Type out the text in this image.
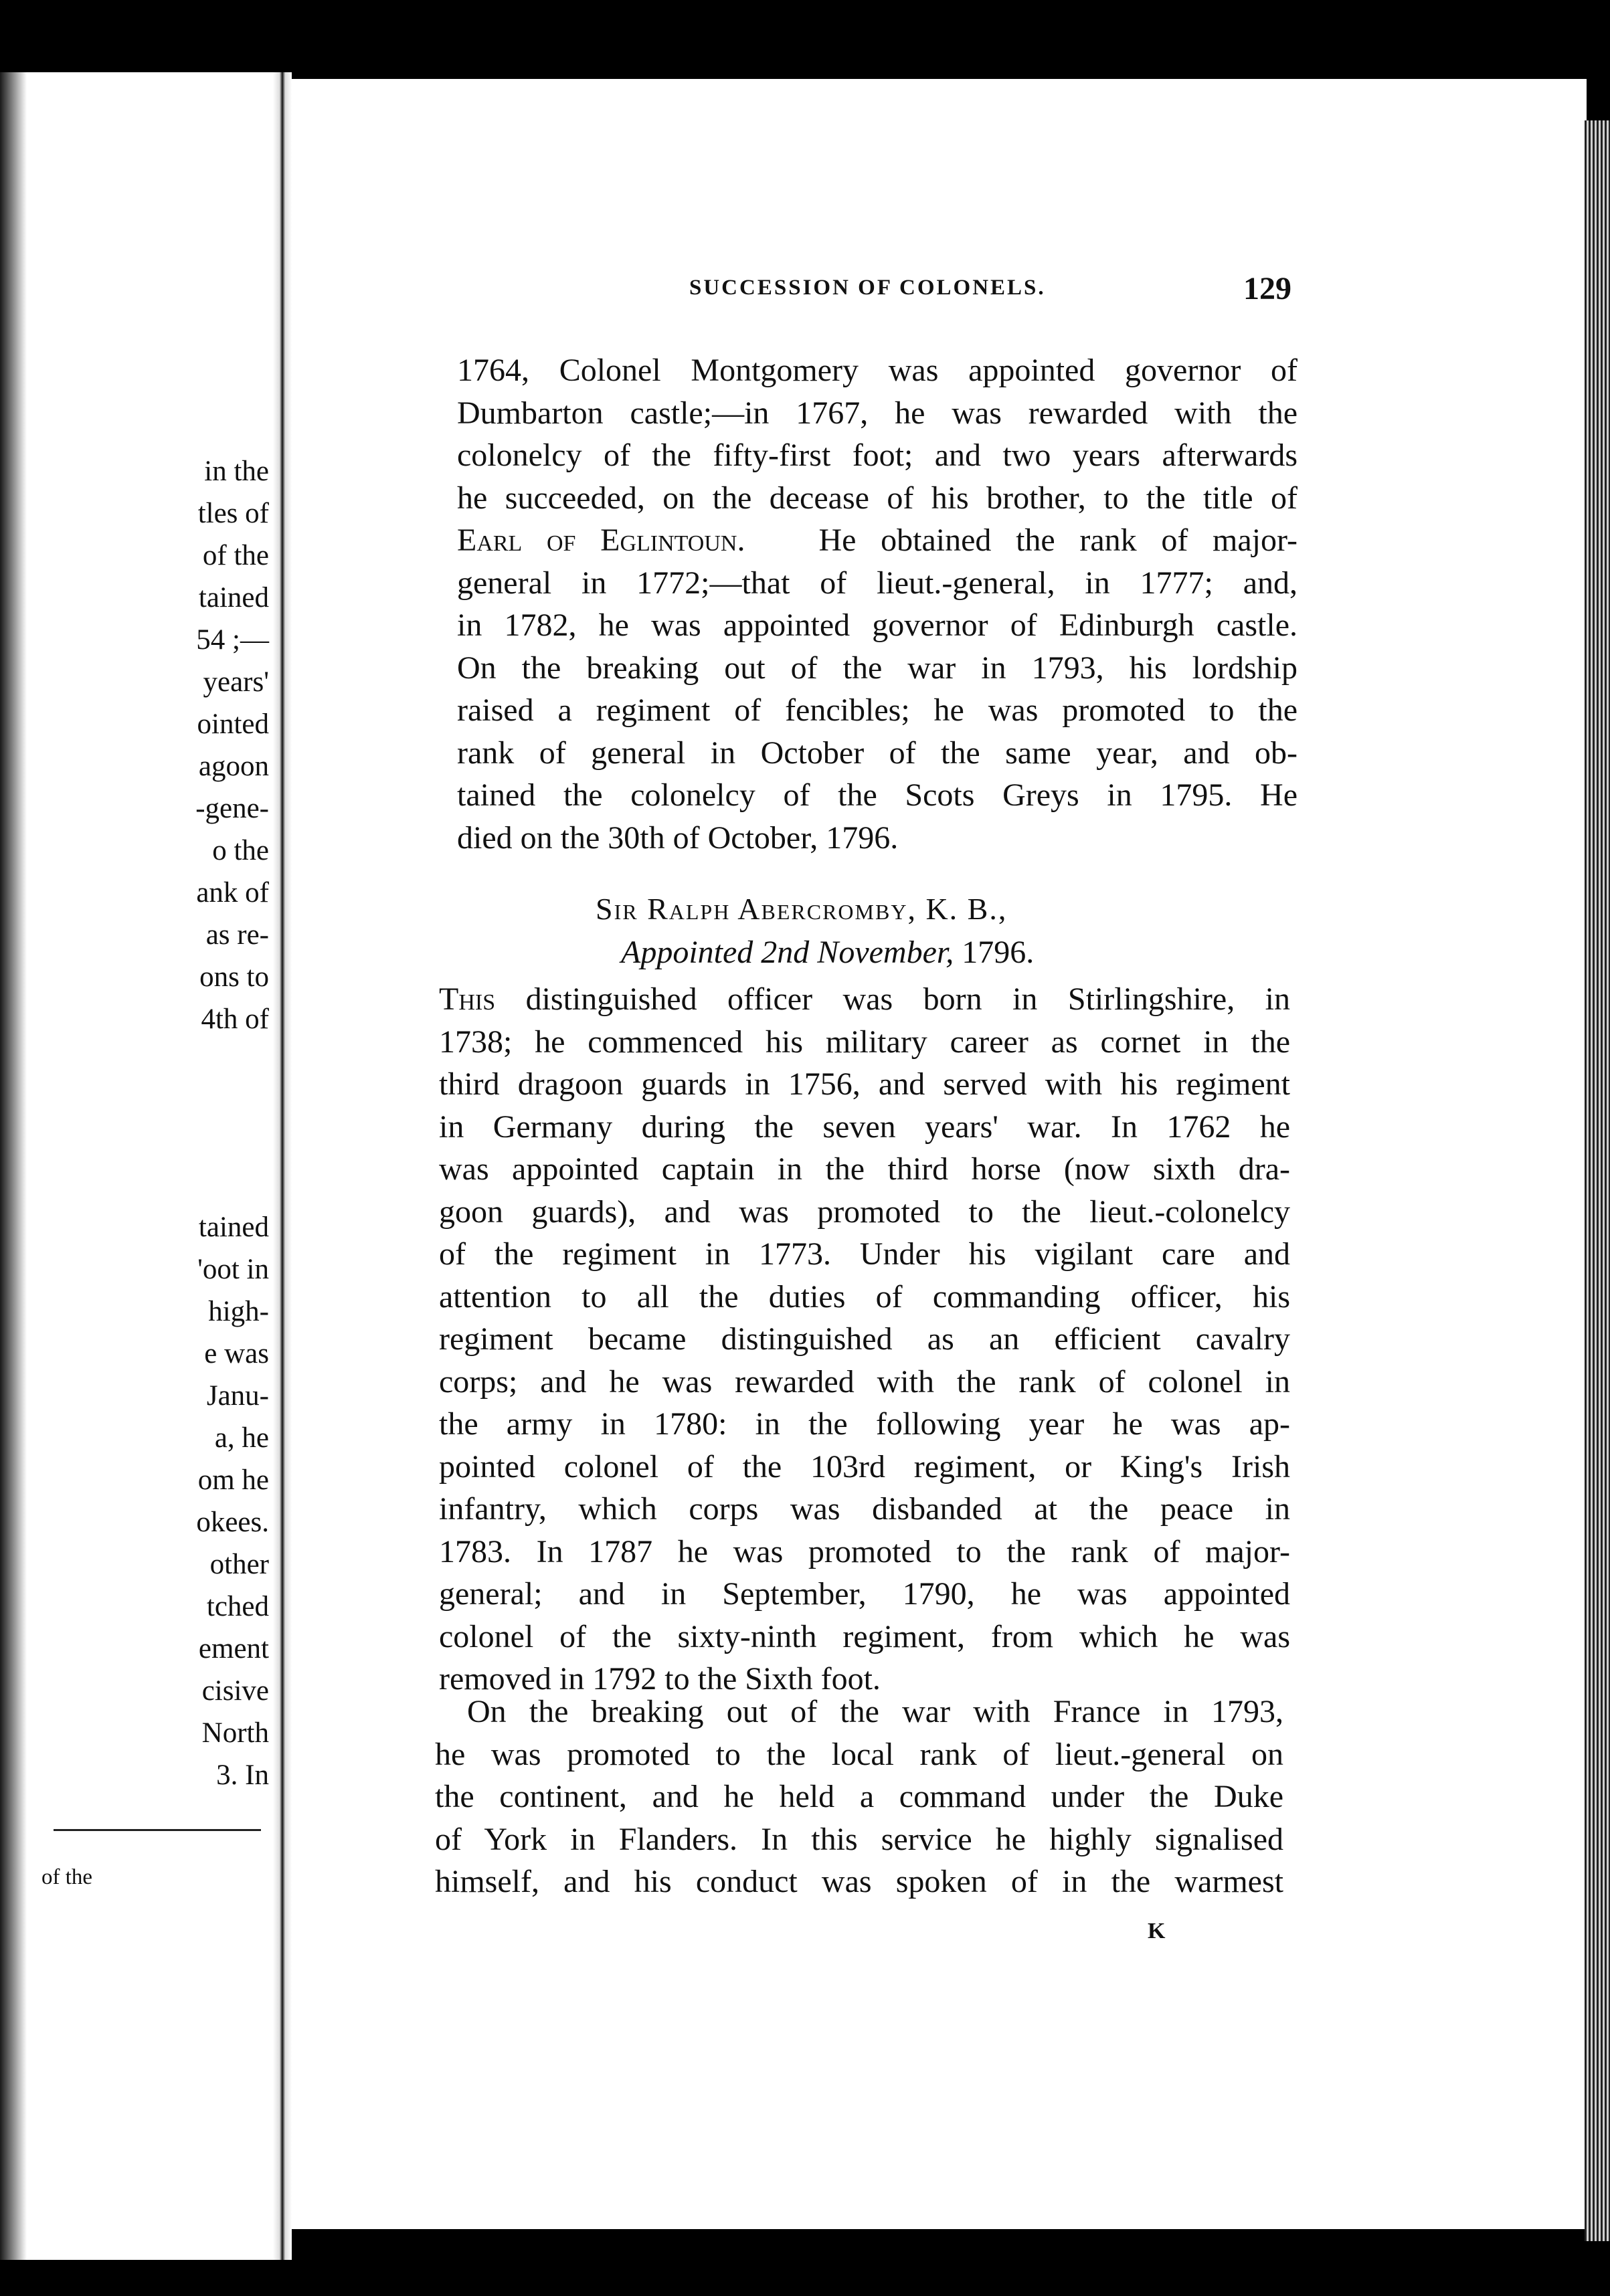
in the
tles of
of the
tained
54 ;—
years'
ointed
agoon
-gene-
o the
ank of
as re-
ons to
4th of
tained
'oot in
high-
e was
Janu-
a, he
om he
okees.
other
tched
ement
cisive
North
3. In
of the
SUCCESSION OF COLONELS.	129
1764, Colonel Montgomery was appointed governor of
Dumbarton castle;—in 1767, he was rewarded with the
colonelcy of the fifty-first foot; and two years afterwards
he succeeded, on the decease of his brother, to the title of
Earl of Eglintoun. He obtained the rank of major-
general in 1772;—that of lieut.-general, in 1777; and,
in 1782, he was appointed governor of Edinburgh castle.
On the breaking out of the war in 1793, his lordship
raised a regiment of fencibles; he was promoted to the
rank of general in October of the same year, and ob-
tained the colonelcy of the Scots Greys in 1795. He
died on the 30th of October, 1796.
Sir Ralph Abercromby, K. B.,
Appointed 2nd November, 1796.
This distinguished officer was born in Stirlingshire, in
1738; he commenced his military career as cornet in the
third dragoon guards in 1756, and served with his regiment
in Germany during the seven years' war. In 1762 he
was appointed captain in the third horse (now sixth dra-
goon guards), and was promoted to the lieut.-colonelcy
of the regiment in 1773. Under his vigilant care and
attention to all the duties of commanding officer, his
regiment became distinguished as an efficient cavalry
corps; and he was rewarded with the rank of colonel in
the army in 1780: in the following year he was ap-
pointed colonel of the 103rd regiment, or King's Irish
infantry, which corps was disbanded at the peace in
1783. In 1787 he was promoted to the rank of major-
general; and in September, 1790, he was appointed
colonel of the sixty-ninth regiment, from which he was
removed in 1792 to the Sixth foot.
On the breaking out of the war with France in 1793,
he was promoted to the local rank of lieut.-general on
the continent, and he held a command under the Duke
of York in Flanders. In this service he highly signalised
himself, and his conduct was spoken of in the warmest
K
